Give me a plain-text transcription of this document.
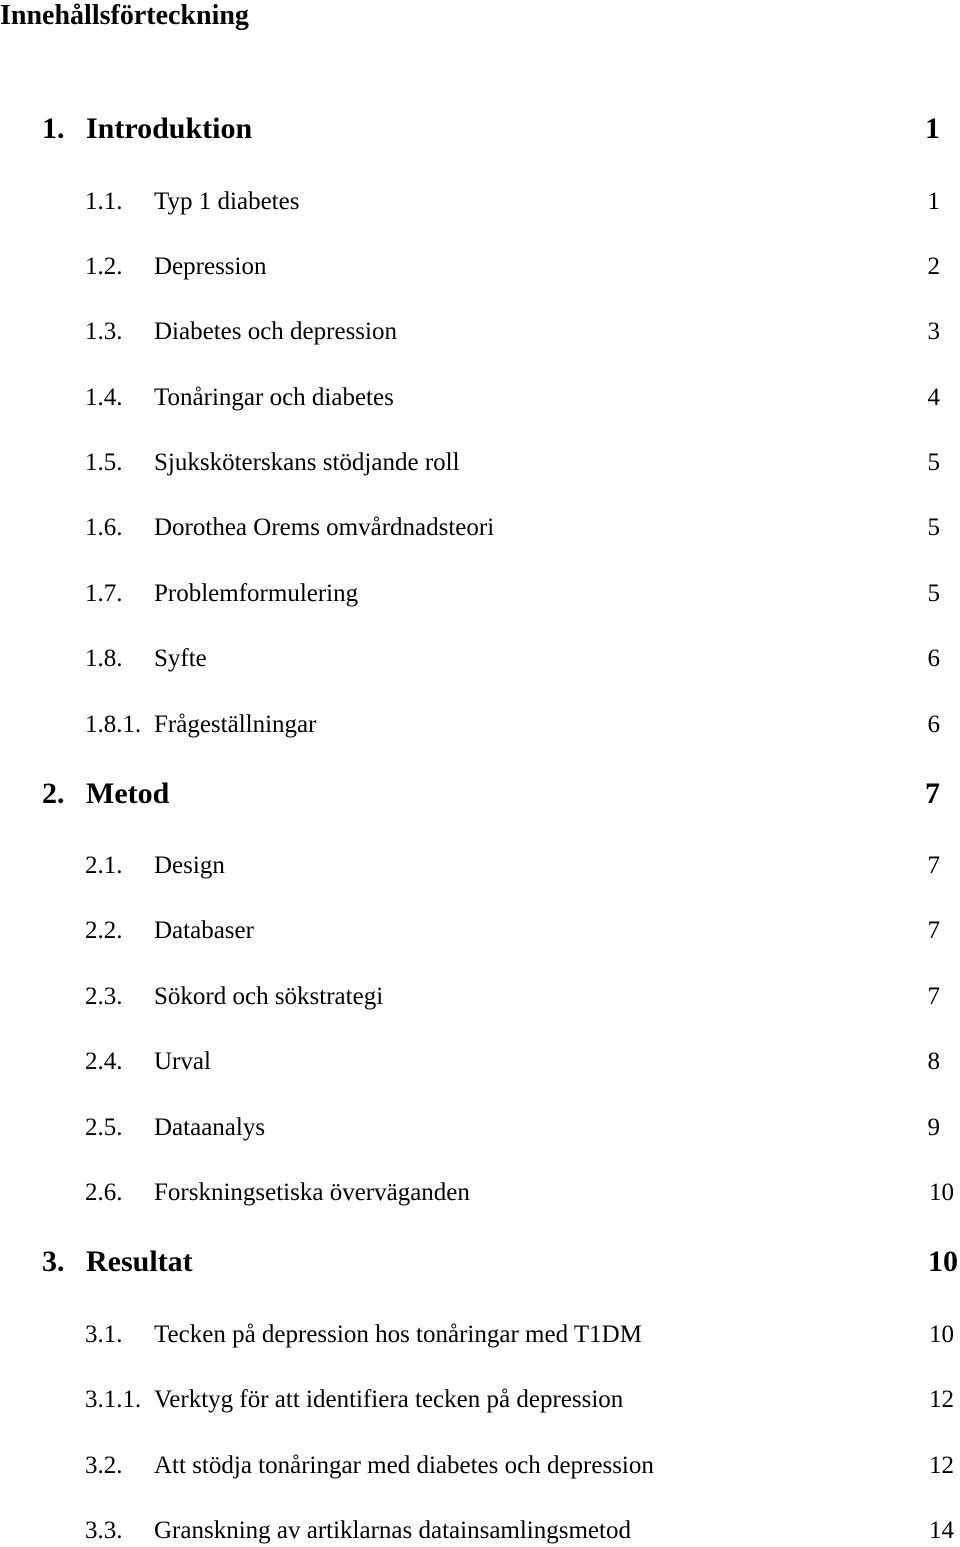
Innehållsförteckning
1. Introduktion	1
1.1. Typ 1 diabetes	1
1.2. Depression	2
1.3. Diabetes och depression	3
1.4. Tonåringar och diabetes	4
1.5. Sjuksköterskans stödjande roll	5
1.6. Dorothea Orems omvårdnadsteori	5
1.7. Problemformulering	5
1.8. Syfte	6
1.8.1. Frågeställningar	6
2. Metod	7
2.1. Design	7
2.2. Databaser	7
2.3. Sökord och sökstrategi	7
2.4. Urval	8
2.5. Dataanalys	9
2.6. Forskningsetiska överväganden	10
3. Resultat	10
3.1. Tecken på depression hos tonåringar med T1DM	10
3.1.1. Verktyg för att identifiera tecken på depression	12
3.2. Att stödja tonåringar med diabetes och depression	12
3.3. Granskning av artiklarnas datainsamlingsmetod	14
